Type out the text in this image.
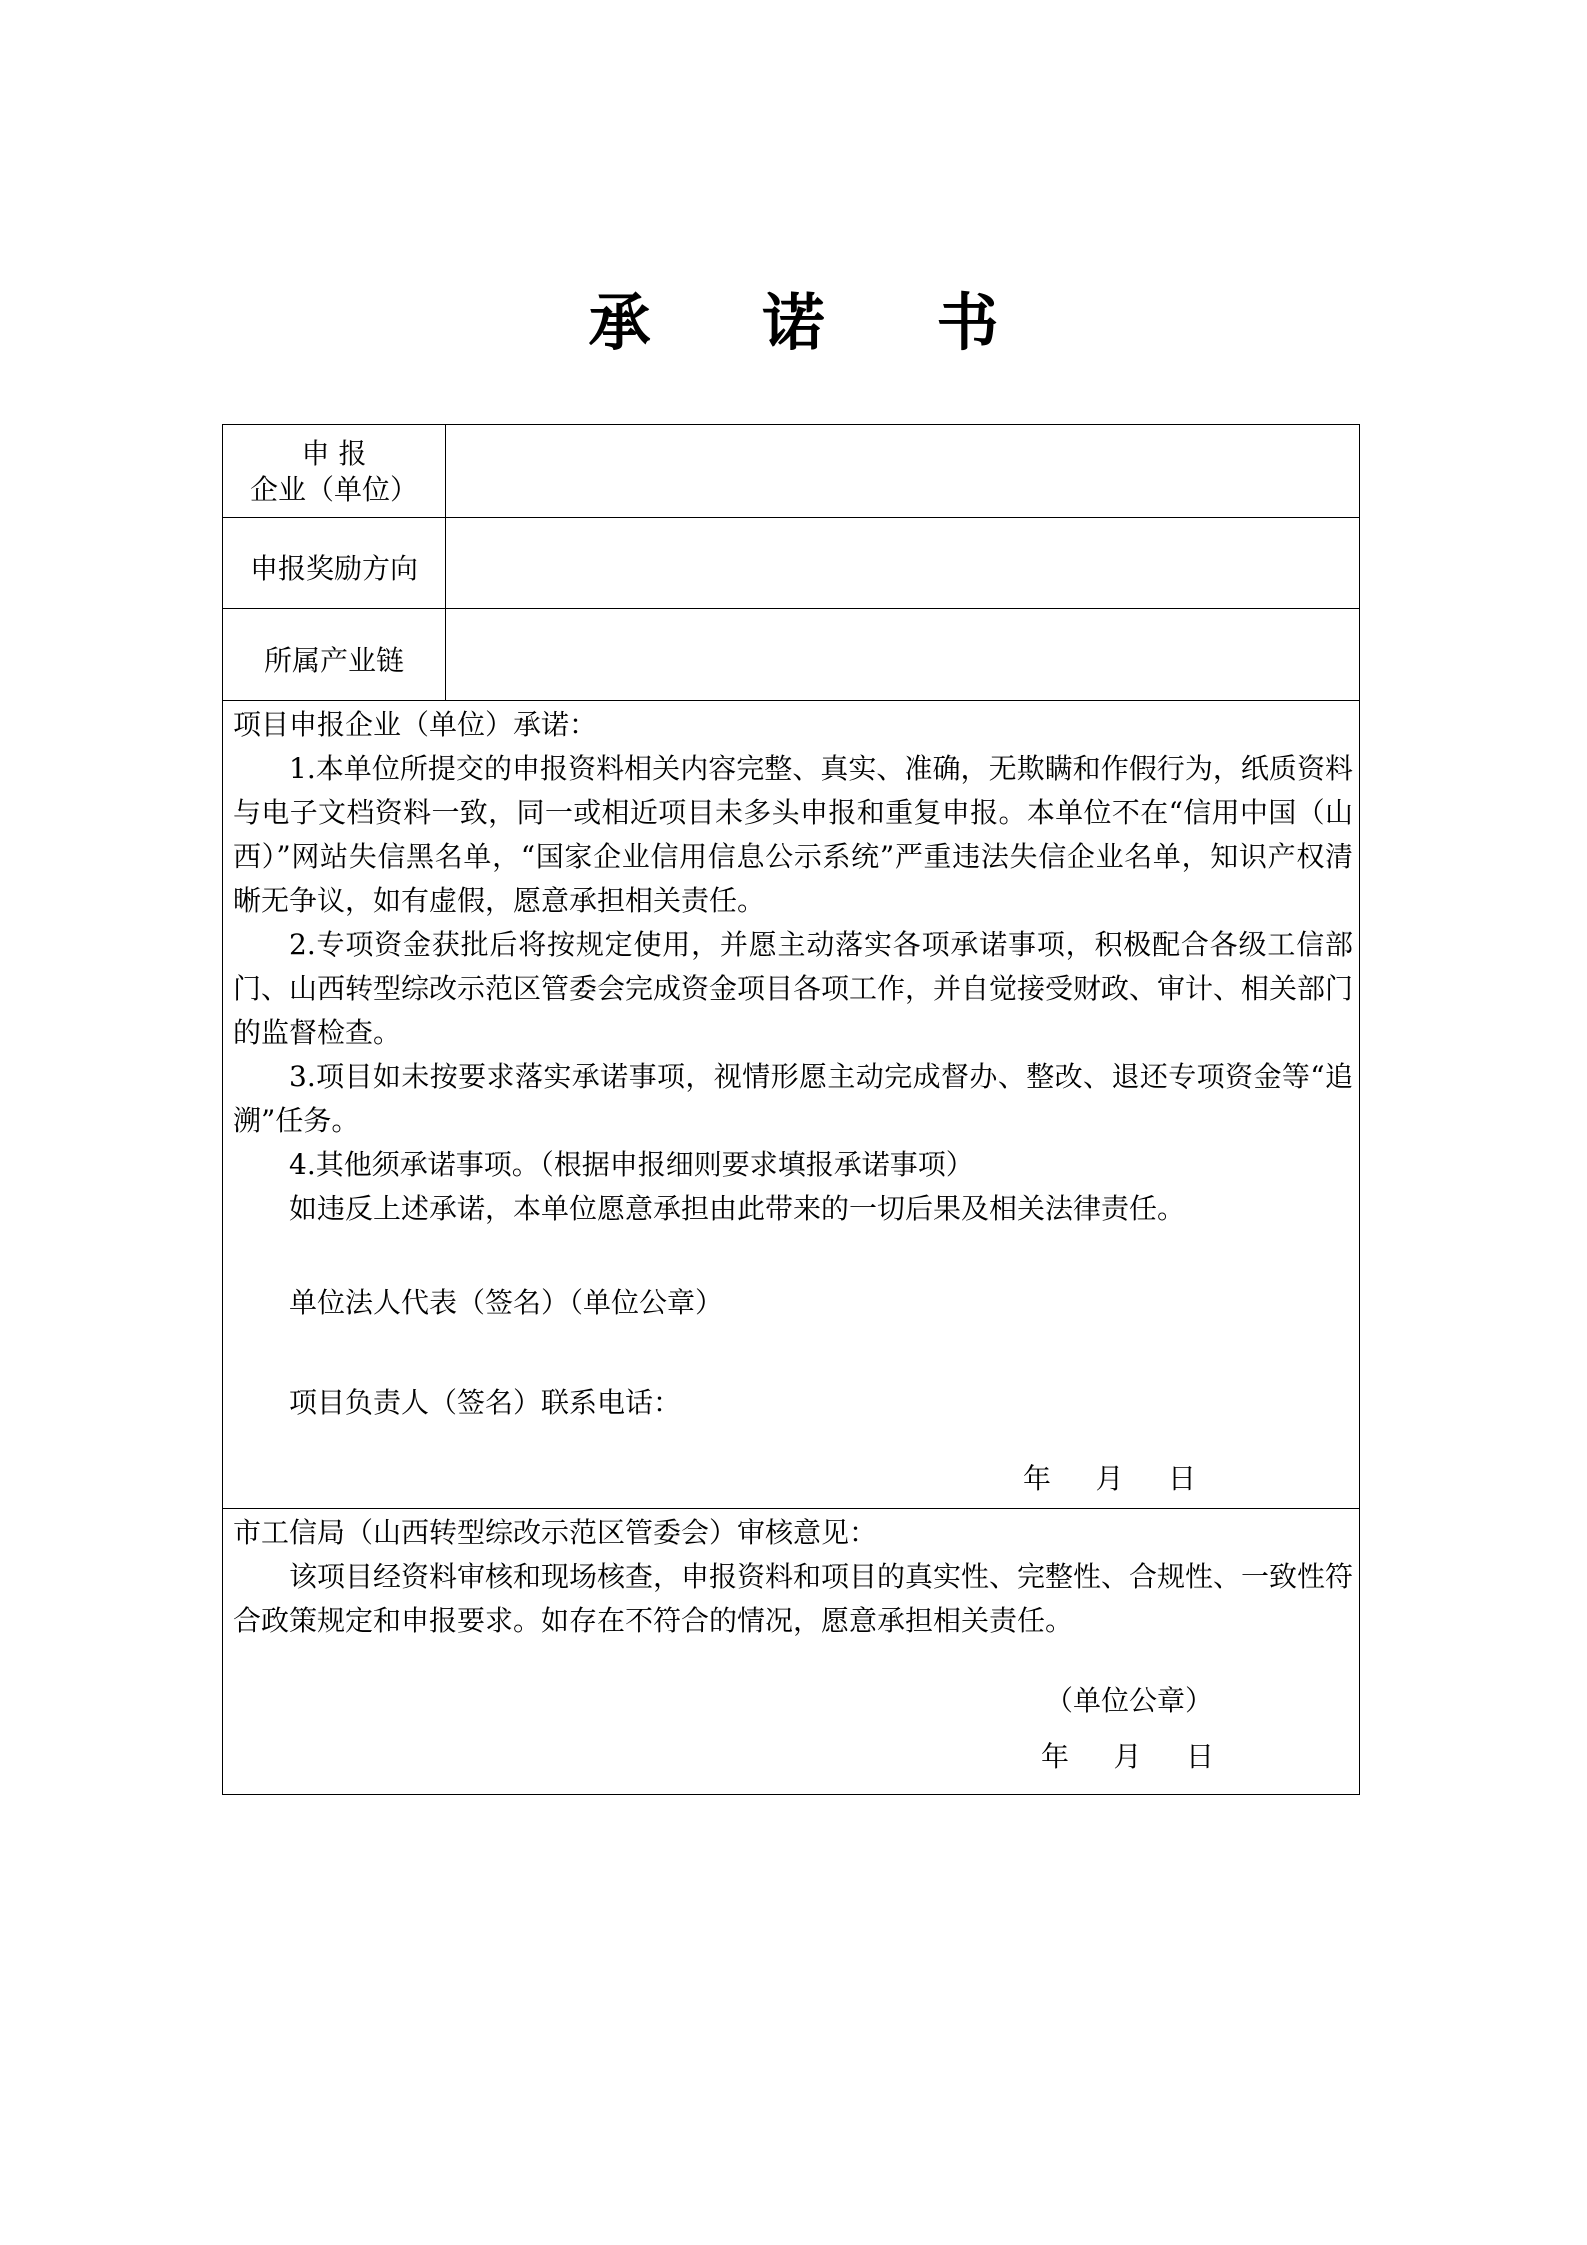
承 诺 书
申 报
企业（单位）
申报奖励方向
所属产业链
项目申报企业（单位）承诺：
1.本单位所提交的申报资料相关内容完整、真实、准确，无欺瞒和作假行为，纸质资料与电子文档资料一致，同一或相近项目未多头申报和重复申报。本单位不在“信用中国（山西）”网站失信黑名单，“国家企业信用信息公示系统”严重违法失信企业名单，知识产权清晰无争议，如有虚假，愿意承担相关责任。
2.专项资金获批后将按规定使用，并愿主动落实各项承诺事项，积极配合各级工信部门、山西转型综改示范区管委会完成资金项目各项工作，并自觉接受财政、审计、相关部门的监督检查。
3.项目如未按要求落实承诺事项，视情形愿主动完成督办、整改、退还专项资金等“追溯”任务。
4.其他须承诺事项。（根据申报细则要求填报承诺事项）
如违反上述承诺，本单位愿意承担由此带来的一切后果及相关法律责任。
单位法人代表（签名）（单位公章）
项目负责人（签名）联系电话：
年     月     日
市工信局（山西转型综改示范区管委会）审核意见：
该项目经资料审核和现场核查，申报资料和项目的真实性、完整性、合规性、一致性符合政策规定和申报要求。如存在不符合的情况，愿意承担相关责任。
（单位公章）
年     月     日
